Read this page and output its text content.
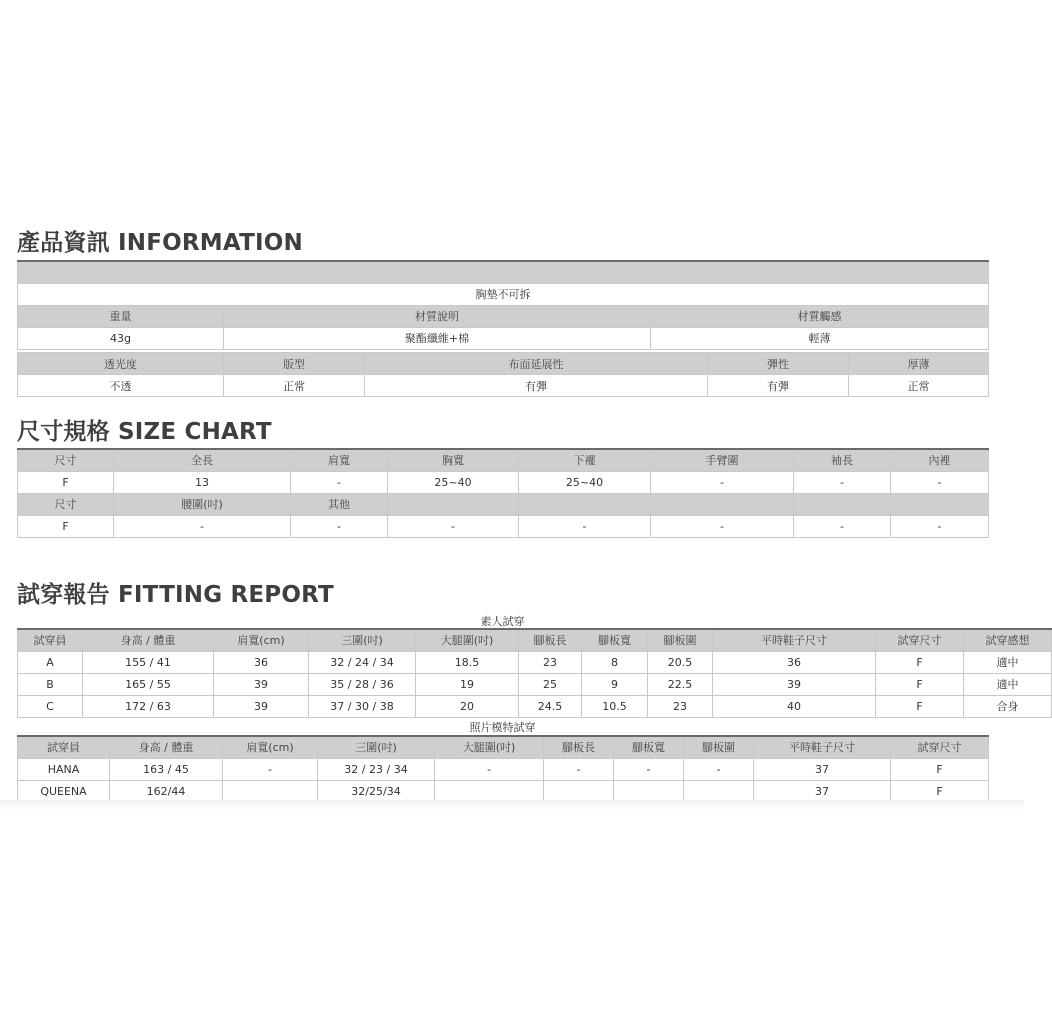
產品資訊 INFORMATION

胸墊不可拆		
重量	材質說明	材質觸感
43g	聚酯纖維+棉	輕薄
透光度	版型	布面延展性	彈性	厚薄
不透	正常	有彈	有彈	正常
尺寸規格 SIZE CHART
尺寸	全長	肩寬	胸寬	下襬	手臂圍	袖長	內裡
F	13	-	25~40	25~40	-	-	-
尺寸	腰圍(吋)	其他					
F	-	-	-	-	-	-	-
試穿報告 FITTING REPORT
素人試穿
試穿員	身高 / 體重	肩寬(cm)	三圍(吋)	大腿圍(吋)	腳板長	腳板寬	腳板圍	平時鞋子尺寸	試穿尺寸	試穿感想
A	155 / 41	36	32 / 24 / 34	18.5	23	8	20.5	36	F	適中
B	165 / 55	39	35 / 28 / 36	19	25	9	22.5	39	F	適中
C	172 / 63	39	37 / 30 / 38	20	24.5	10.5	23	40	F	合身
照片模特試穿
試穿員	身高 / 體重	肩寬(cm)	三圍(吋)	大腿圍(吋)	腳板長	腳板寬	腳板圍	平時鞋子尺寸	試穿尺寸
HANA	163 / 45	-	32 / 23 / 34	-	-	-	-	37	F
QUEENA	162/44		32/25/34					37	F
